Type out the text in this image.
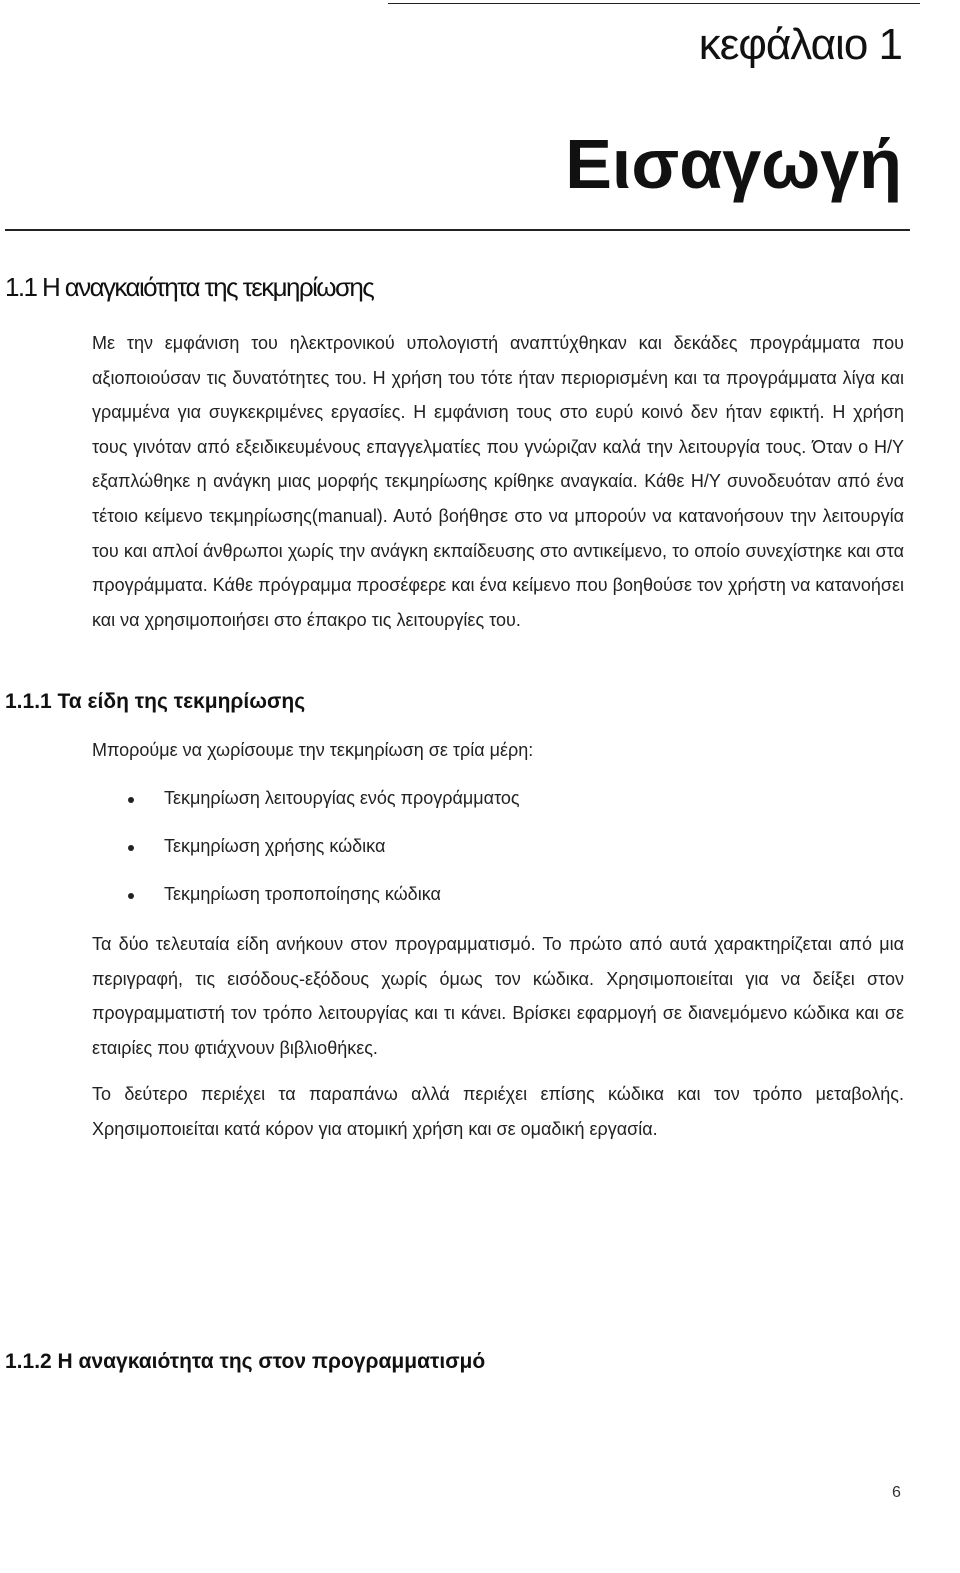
κεφάλαιο 1
Εισαγωγή
1.1 Η αναγκαιότητα της τεκμηρίωσης

Με την εμφάνιση του ηλεκτρονικού υπολογιστή αναπτύχθηκαν και δεκάδες προγράμματα που αξιοποιούσαν τις δυνατότητες του. Η χρήση του τότε ήταν περιορισμένη και τα προγράμματα λίγα και γραμμένα για συγκεκριμένες εργασίες. Η εμφάνιση τους στο ευρύ κοινό δεν ήταν εφικτή. Η χρήση τους γινόταν από εξειδικευμένους επαγγελματίες που γνώριζαν καλά την λειτουργία τους. Όταν ο Η/Υ εξαπλώθηκε η ανάγκη μιας μορφής τεκμηρίωσης κρίθηκε αναγκαία. Κάθε Η/Υ συνοδευόταν από ένα τέτοιο κείμενο τεκμηρίωσης(manual). Αυτό βοήθησε στο να μπορούν να κατανοήσουν την λειτουργία του και απλοί άνθρωποι χωρίς την ανάγκη εκπαίδευσης στο αντικείμενο, το οποίο συνεχίστηκε και στα προγράμματα. Κάθε πρόγραμμα προσέφερε και ένα κείμενο που βοηθούσε τον χρήστη να κατανοήσει και να χρησιμοποιήσει στο έπακρο τις λειτουργίες του.

1.1.1 Τα είδη της τεκμηρίωσης
Μπορούμε να χωρίσουμε την τεκμηρίωση σε τρία μέρη:
Τεκμηρίωση λειτουργίας ενός προγράμματος
Τεκμηρίωση χρήσης κώδικα
Τεκμηρίωση τροποποίησης κώδικα

Τα δύο τελευταία είδη ανήκουν στον προγραμματισμό. Το πρώτο από αυτά χαρακτηρίζεται από μια περιγραφή, τις εισόδους-εξόδους χωρίς όμως τον κώδικα. Χρησιμοποιείται για να δείξει στον προγραμματιστή τον τρόπο λειτουργίας και τι κάνει. Βρίσκει εφαρμογή σε διανεμόμενο κώδικα και σε εταιρίες που φτιάχνουν βιβλιοθήκες.

Το δεύτερο περιέχει τα παραπάνω αλλά περιέχει επίσης κώδικα και τον τρόπο μεταβολής. Χρησιμοποιείται κατά κόρον για ατομική χρήση και σε ομαδική εργασία.

1.1.2 Η αναγκαιότητα της στον προγραμματισμό
6
